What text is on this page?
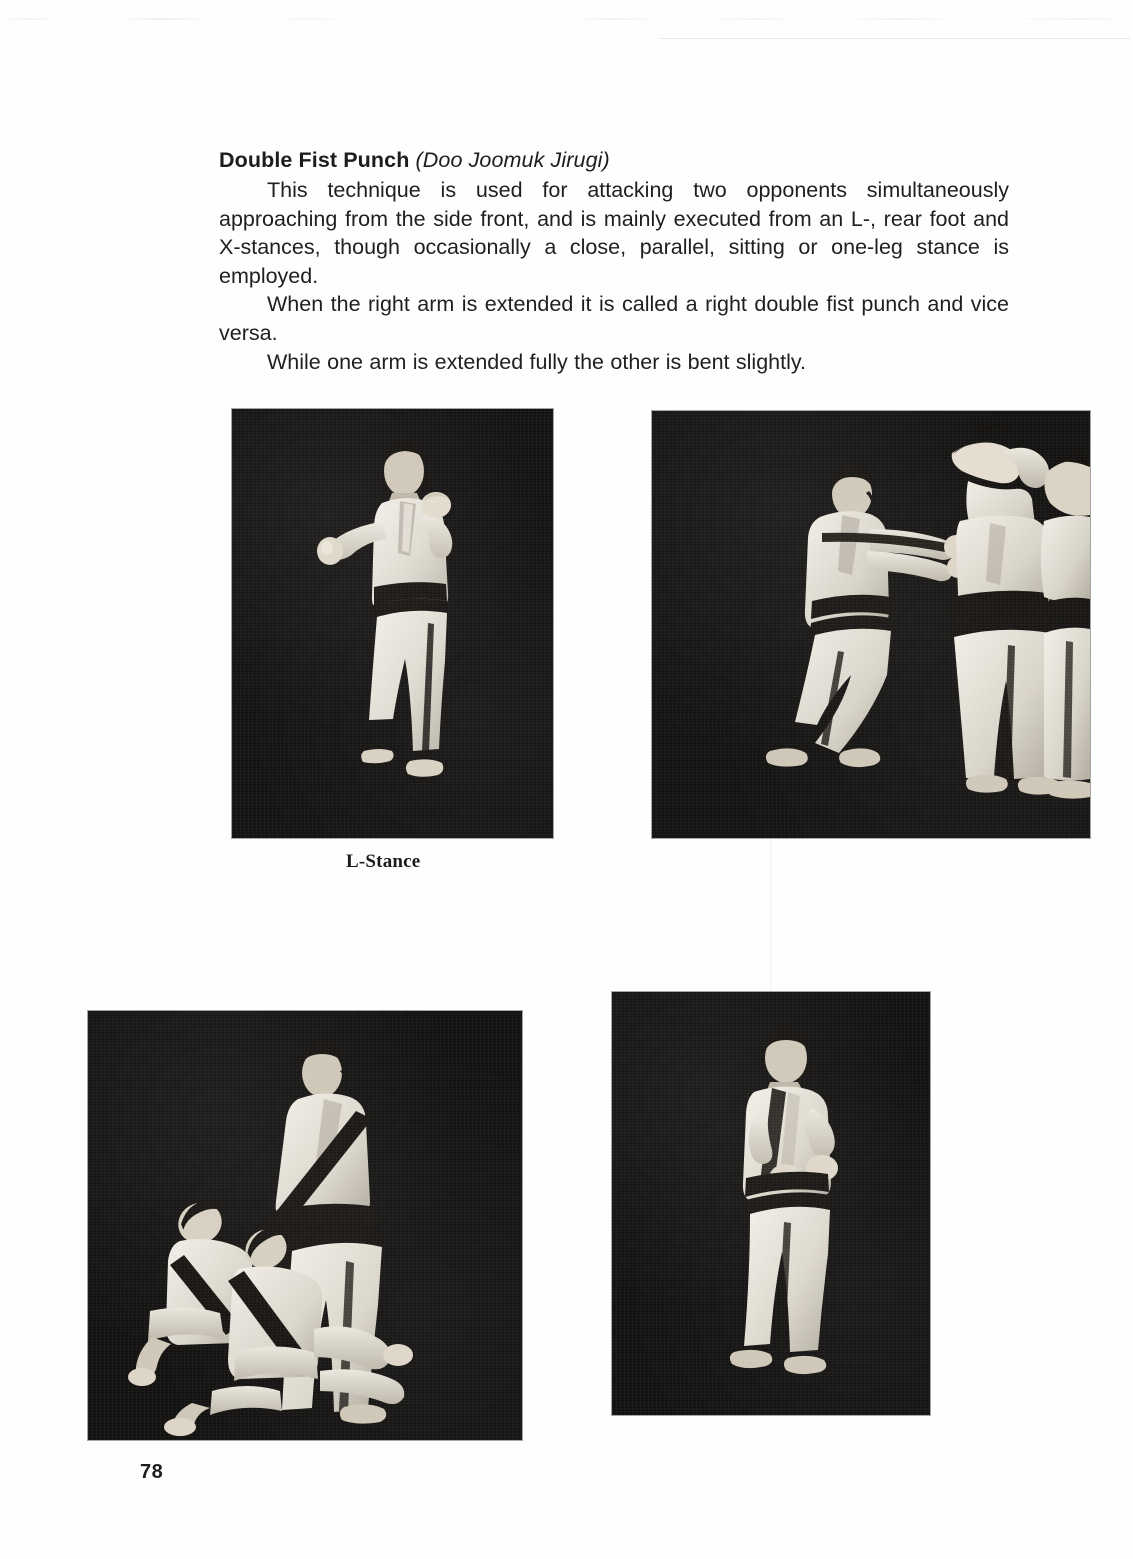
Double Fist Punch (Doo Joomuk Jirugi)

This technique is used for attacking two opponents simultaneously approaching from the side front, and is mainly executed from an L-, rear foot and X-stances, though occasionally a close, parallel, sitting or one-leg stance is employed.

When the right arm is extended it is called a right double fist punch and vice versa.

While one arm is extended fully the other is bent slightly.

L-Stance
78
